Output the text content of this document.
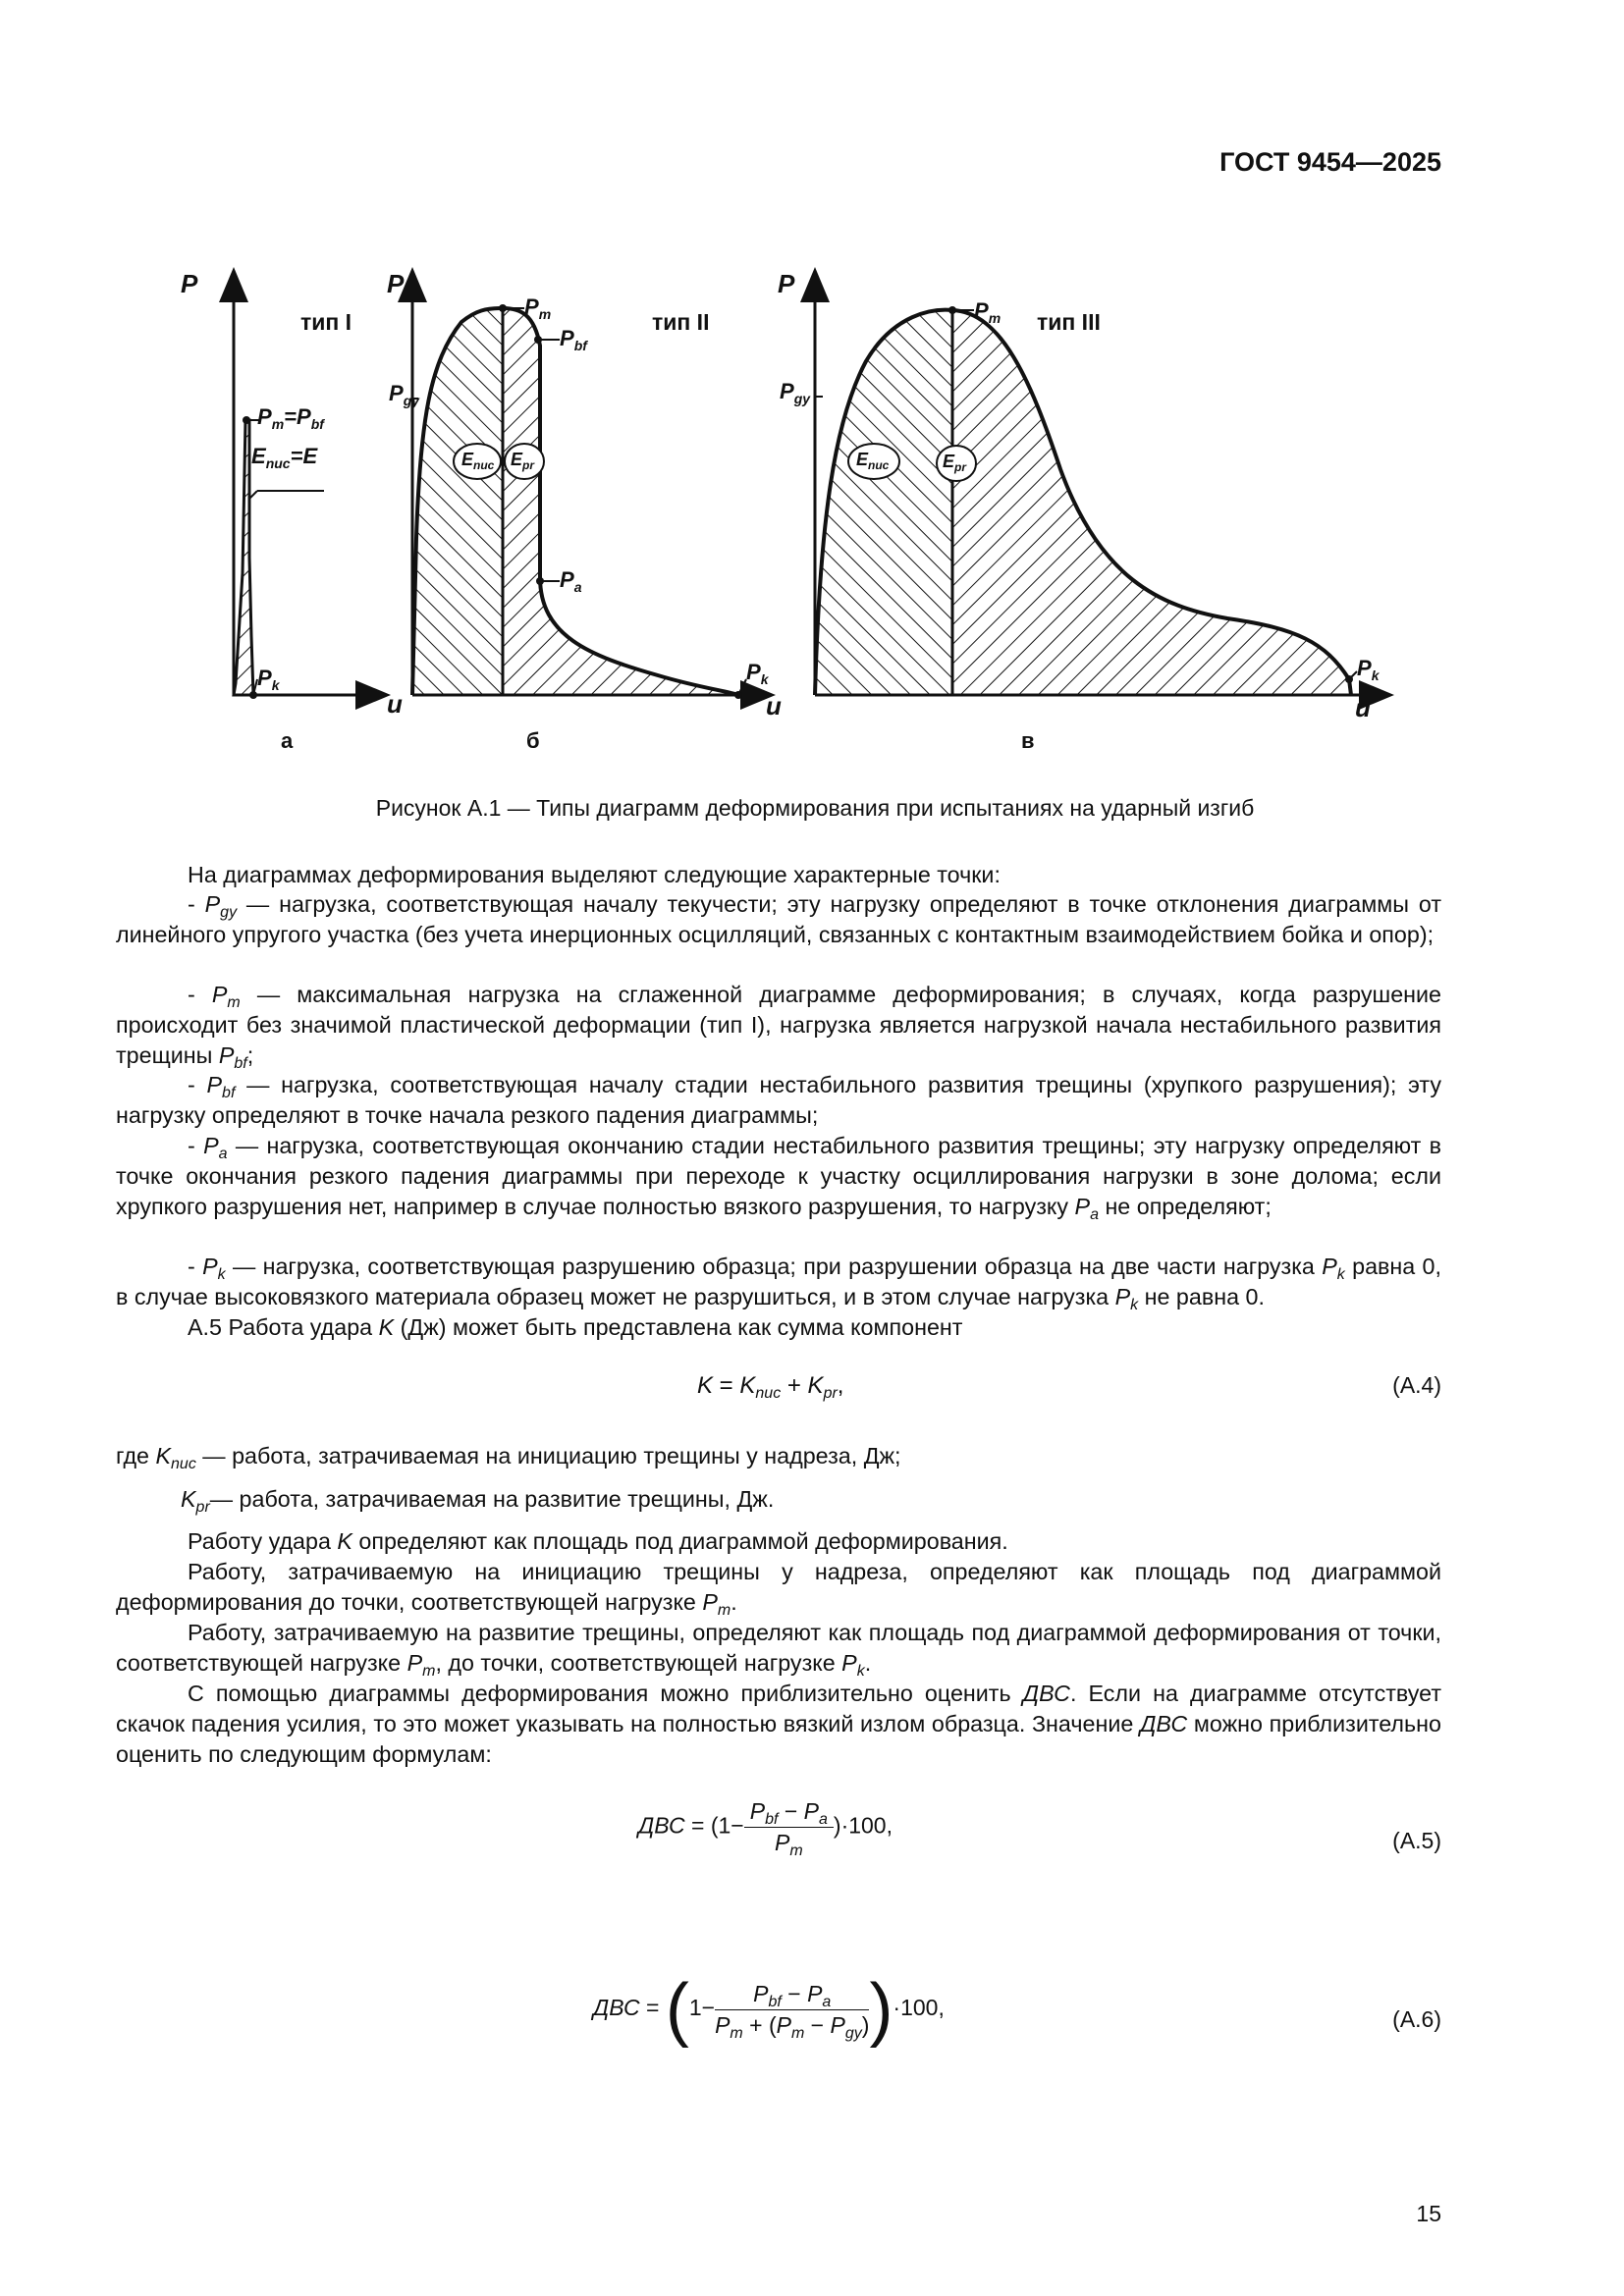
ГОСТ 9454—2025
P
u
P
u
P
u
тип I	тип II	тип III
$P_m=P_{bf}$
$E_{nuc}=E$
$P_k$
$P_m$
$P_{bf}$
$P_{gy}$
$P_a$
$P_k$
$E_{nuc}$ $E_{pr}$
$P_m$
$P_{gy}$
$P_k$
$E_{nuc}$	$E_{pr}$
а	б	в
Рисунок А.1 — Типы диаграмм деформирования при испытаниях на ударный изгиб
На диаграммах деформирования выделяют следующие характерные точки:
- $P_{gy}$ — нагрузка, соответствующая началу текучести; эту нагрузку определяют в точке отклонения диаграммы от линейного упругого участка (без учета инерционных осцилляций, связанных с контактным взаимодействием бойка и опор);
- $P_m$ — максимальная нагрузка на сглаженной диаграмме деформирования; в случаях, когда разрушение происходит без значимой пластической деформации (тип I), нагрузка является нагрузкой начала нестабильного развития трещины $P_{bf}$;
- $P_{bf}$ — нагрузка, соответствующая началу стадии нестабильного развития трещины (хрупкого разрушения); эту нагрузку определяют в точке начала резкого падения диаграммы;
- $P_a$ — нагрузка, соответствующая окончанию стадии нестабильного развития трещины; эту нагрузку определяют в точке окончания резкого падения диаграммы при переходе к участку осциллирования нагрузки в зоне долома; если хрупкого разрушения нет, например в случае полностью вязкого разрушения, то нагрузку $P_a$ не определяют;
- $P_k$ — нагрузка, соответствующая разрушению образца; при разрушении образца на две части нагрузка $P_k$ равна 0, в случае высоковязкого материала образец может не разрушиться, и в этом случае нагрузка $P_k$ не равна 0.
А.5 Работа удара K (Дж) может быть представлена как сумма компонент
$K = K_{nuc} + K_{pr}$,	(А.4)
где $K_{nuc}$ — работа, затрачиваемая на инициацию трещины у надреза, Дж;
$K_{pr}—$ работа, затрачиваемая на развитие трещины, Дж.
Работу удара K определяют как площадь под диаграммой деформирования.
Работу, затрачиваемую на инициацию трещины у надреза, определяют как площадь под диаграммой деформирования до точки, соответствующей нагрузке $P_m$.
Работу, затрачиваемую на развитие трещины, определяют как площадь под диаграммой деформирования от точки, соответствующей нагрузке $P_m$, до точки, соответствующей нагрузке $P_k$.
С помощью диаграммы деформирования можно приблизительно оценить ДВС. Если на диаграмме отсутствует скачок падения усилия, то это может указывать на полностью вязкий излом образца. Значение ДВС можно приблизительно оценить по следующим формулам:
ДВС = $(1- \frac{P_{bf} - P_a}{P_m} )\cdot 100$,
(А.5)
ДВС = $(1- \frac{P_{bf} - P_a}{P_m + (P_m - P_{gy})} )\cdot 100$,	(А.6)
15
